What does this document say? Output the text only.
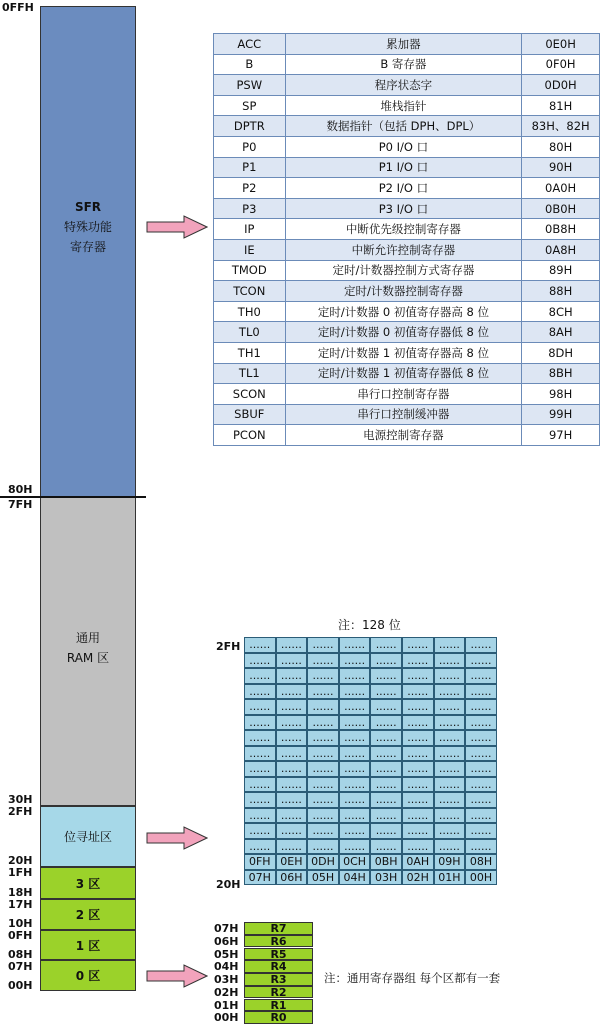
SFR
特殊功能
寄存器
通用
RAM 区
位寻址区
3 区
2 区
1 区
0 区
0FFH
80H
7FH
30H
2FH
20H
1FH
18H
17H
10H
0FH
08H
07H
00H
ACC	累加器	0E0H
B	B 寄存器	0F0H
PSW	程序状态字	0D0H
SP	堆栈指针	81H
DPTR	数据指针（包括 DPH、DPL）	83H、82H
P0	P0 I/O 口	80H
P1	P1 I/O 口	90H
P2	P2 I/O 口	0A0H
P3	P3 I/O 口	0B0H
IP	中断优先级控制寄存器	0B8H
IE	中断允许控制寄存器	0A8H
TMOD	定时/计数器控制方式寄存器	89H
TCON	定时/计数器控制寄存器	88H
TH0	定时/计数器 0 初值寄存器高 8 位	8CH
TL0	定时/计数器 0 初值寄存器低 8 位	8AH
TH1	定时/计数器 1 初值寄存器高 8 位	8DH
TL1	定时/计数器 1 初值寄存器低 8 位	8BH
SCON	串行口控制寄存器	98H
SBUF	串行口控制缓冲器	99H
PCON	电源控制寄存器	97H
注：128 位
2FH
20H
...... ...... ...... ...... ...... ...... ...... ......
...... ...... ...... ...... ...... ...... ...... ......
...... ...... ...... ...... ...... ...... ...... ......
...... ...... ...... ...... ...... ...... ...... ......
...... ...... ...... ...... ...... ...... ...... ......
...... ...... ...... ...... ...... ...... ...... ......
...... ...... ...... ...... ...... ...... ...... ......
...... ...... ...... ...... ...... ...... ...... ......
...... ...... ...... ...... ...... ...... ...... ......
...... ...... ...... ...... ...... ...... ...... ......
...... ...... ...... ...... ...... ...... ...... ......
...... ...... ...... ...... ...... ...... ...... ......
...... ...... ...... ...... ...... ...... ...... ......
...... ...... ...... ...... ...... ...... ...... ......
0FH 0EH 0DH 0CH 0BH 0AH 09H 08H
07H 06H 05H 04H 03H 02H 01H 00H
07H	R7
06H	R6
05H	R5
04H	R4
03H	R3
02H	R2
01H	R1
00H	R0
注：通用寄存器组 每个区都有一套
